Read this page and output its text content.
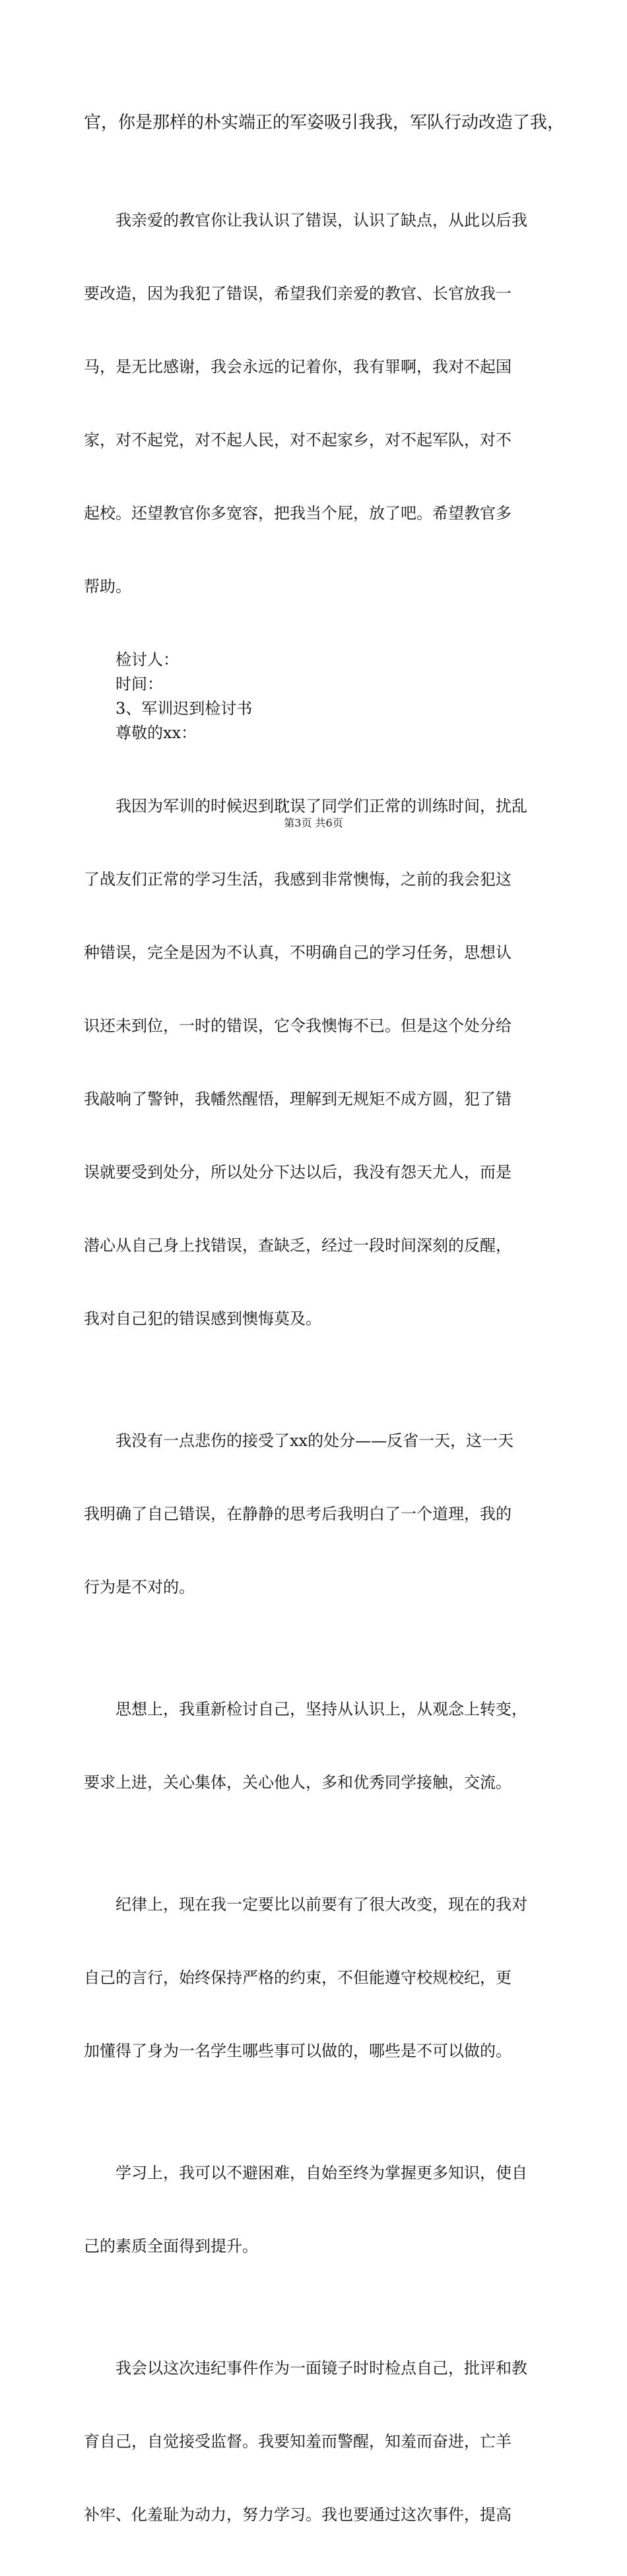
官，你是那样的朴实端正的军姿吸引我我，军队行动改造了我，

　　我亲爱的教官你让我认识了错误，认识了缺点，从此以后我

要改造，因为我犯了错误，希望我们亲爱的教官、长官放我一

马，是无比感谢，我会永远的记着你，我有罪啊，我对不起国

家，对不起党，对不起人民，对不起家乡，对不起军队，对不

起校。还望教官你多宽容，把我当个屁，放了吧。希望教官多

帮助。

　　检讨人：
　　时间：
　　3、军训迟到检讨书
　　尊敬的xx：

　　我因为军训的时候迟到耽误了同学们正常的训练时间，扰乱

了战友们正常的学习生活，我感到非常懊悔，之前的我会犯这

种错误，完全是因为不认真，不明确自己的学习任务，思想认

识还未到位，一时的错误，它令我懊悔不已。但是这个处分给

我敲响了警钟，我幡然醒悟，理解到无规矩不成方圆，犯了错

误就要受到处分，所以处分下达以后，我没有怨天尤人，而是

潜心从自己身上找错误，查缺乏，经过一段时间深刻的反醒，

我对自己犯的错误感到懊悔莫及。

　　我没有一点悲伤的接受了xx的处分——反省一天，这一天

我明确了自己错误，在静静的思考后我明白了一个道理，我的

行为是不对的。

　　思想上，我重新检讨自己，坚持从认识上，从观念上转变，

要求上进，关心集体，关心他人，多和优秀同学接触，交流。

　　纪律上，现在我一定要比以前要有了很大改变，现在的我对

自己的言行，始终保持严格的约束，不但能遵守校规校纪，更

加懂得了身为一名学生哪些事可以做的，哪些是不可以做的。

　　学习上，我可以不避困难，自始至终为掌握更多知识，使自

己的素质全面得到提升。

　　我会以这次违纪事件作为一面镜子时时检点自己，批评和教

育自己，自觉接受监督。我要知羞而警醒，知羞而奋进，亡羊

补牢、化羞耻为动力，努力学习。我也要通过这次事件，提高

第3页 共6页
